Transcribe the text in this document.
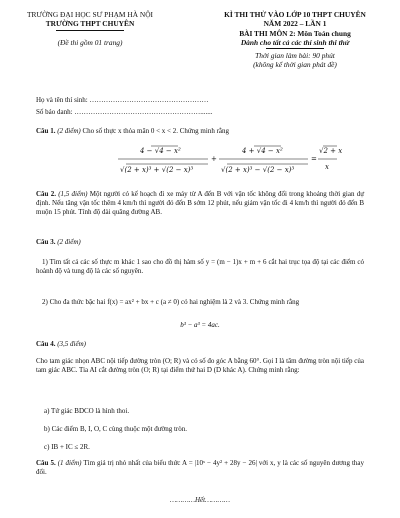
TRƯỜNG ĐẠI HỌC SƯ PHẠM HÀ NỘI
TRƯỜNG THPT CHUYÊN
(Đề thi gồm 01 trang)
KÌ THI THỬ VÀO LỚP 10 THPT CHUYÊN
NĂM 2022 – LẦN 1
BÀI THI MÔN 2: Môn Toán chung
Dành cho tất cả các thí sinh thi thử
Thời gian làm bài: 90 phút
(không kể thời gian phát đề)
Họ và tên thí sinh: ……………………………………………
Số báo danh: ……………………………………………….......
Câu 1. (2 điểm) Cho số thực x thỏa mãn 0 < x < 2. Chứng minh rằng
4 − √4 − x²
√(2 + x)³ + √(2 − x)³
+
4 + √4 − x²
√(2 + x)³ − √(2 − x)³
=
√2 + x
x
Câu 2. (1,5 điểm) Một người có kế hoạch đi xe máy từ A đến B với vận tốc không đổi trong khoảng thời gian dự định. Nếu tăng vận tốc thêm 4 km/h thì người đó đến B sớm 12 phút, nếu giảm vận tốc đi 4 km/h thì người đó đến B muộn 15 phút. Tính độ dài quãng đường AB.
Câu 3. (2 điểm)
1) Tìm tất cả các số thực m khác 1 sao cho đồ thị hàm số y = (m − 1)x + m + 6 cắt hai trục tọa độ tại các điểm có hoành độ và tung độ là các số nguyên.
2) Cho đa thức bậc hai f(x) = ax² + bx + c (a ≠ 0) có hai nghiệm là 2 và 3. Chứng minh rằng
b³ − a³ = 4ac.
Câu 4. (3,5 điểm)
Cho tam giác nhọn ABC nội tiếp đường tròn (O; R) và có số đo góc A bằng 60°. Gọi I là tâm đường tròn nội tiếp của tam giác ABC. Tia AI cắt đường tròn (O; R) tại điểm thứ hai D (D khác A). Chứng minh rằng:
a) Tứ giác BDCO là hình thoi.
b) Các điểm B, I, O, C cùng thuộc một đường tròn.
c) IB + IC ≤ 2R.
Câu 5. (1 điểm) Tìm giá trị nhỏ nhất của biểu thức A = |10ˣ − 4y² + 28y − 26| với x, y là các số nguyên dương thay đổi.
…………Hết…………
